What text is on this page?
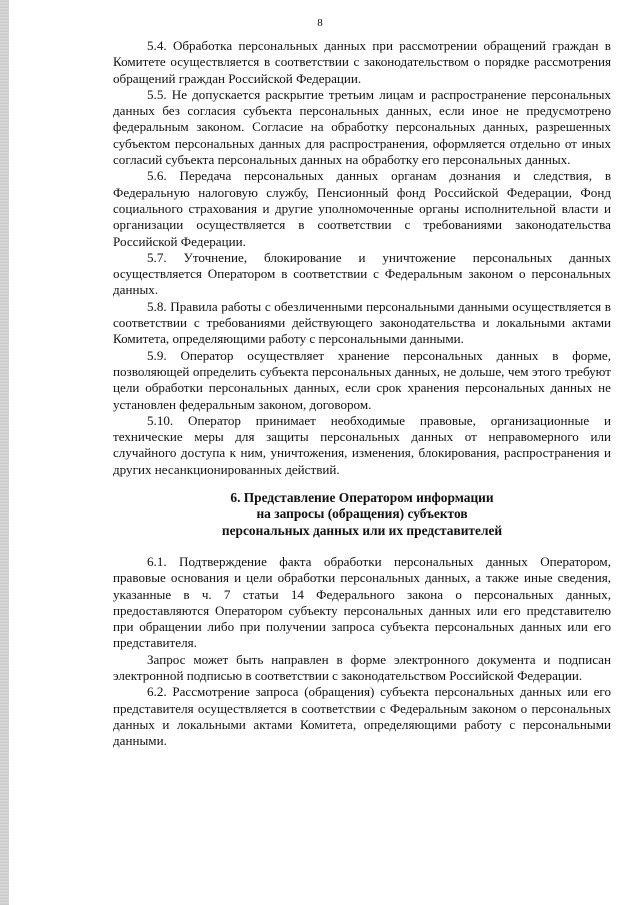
8

5.4. Обработка персональных данных при рассмотрении обращений граждан в Комитете осуществляется в соответствии с законодательством о порядке рассмотрения обращений граждан Российской Федерации.

5.5. Не допускается раскрытие третьим лицам и распространение персональных данных без согласия субъекта персональных данных, если иное не предусмотрено федеральным законом. Согласие на обработку персональных данных, разрешенных субъектом персональных данных для распространения, оформляется отдельно от иных согласий субъекта персональных данных на обработку его персональных данных.

5.6. Передача персональных данных органам дознания и следствия, в Федеральную налоговую службу, Пенсионный фонд Российской Федерации, Фонд социального страхования и другие уполномоченные органы исполнительной власти и организации осуществляется в соответствии с требованиями законодательства Российской Федерации.

5.7. Уточнение, блокирование и уничтожение персональных данных осуществляется Оператором в соответствии с Федеральным законом о персональных данных.

5.8. Правила работы с обезличенными персональными данными осуществляется в соответствии с требованиями действующего законодательства и локальными актами Комитета, определяющими работу с персональными данными.

5.9. Оператор осуществляет хранение персональных данных в форме, позволяющей определить субъекта персональных данных, не дольше, чем этого требуют цели обработки персональных данных, если срок хранения персональных данных не установлен федеральным законом, договором.

5.10. Оператор принимает необходимые правовые, организационные и технические меры для защиты персональных данных от неправомерного или случайного доступа к ним, уничтожения, изменения, блокирования, распространения и других несанкционированных действий.

6. Представление Оператором информации
на запросы (обращения) субъектов
персональных данных или их представителей

6.1. Подтверждение факта обработки персональных данных Оператором, правовые основания и цели обработки персональных данных, а также иные сведения, указанные в ч. 7 статьи 14 Федерального закона о персональных данных, предоставляются Оператором субъекту персональных данных или его представителю при обращении либо при получении запроса субъекта персональных данных или его представителя.

Запрос может быть направлен в форме электронного документа и подписан электронной подписью в соответствии с законодательством Российской Федерации.

6.2. Рассмотрение запроса (обращения) субъекта персональных данных или его представителя осуществляется в соответствии с Федеральным законом о персональных данных и локальными актами Комитета, определяющими работу с персональными данными.
